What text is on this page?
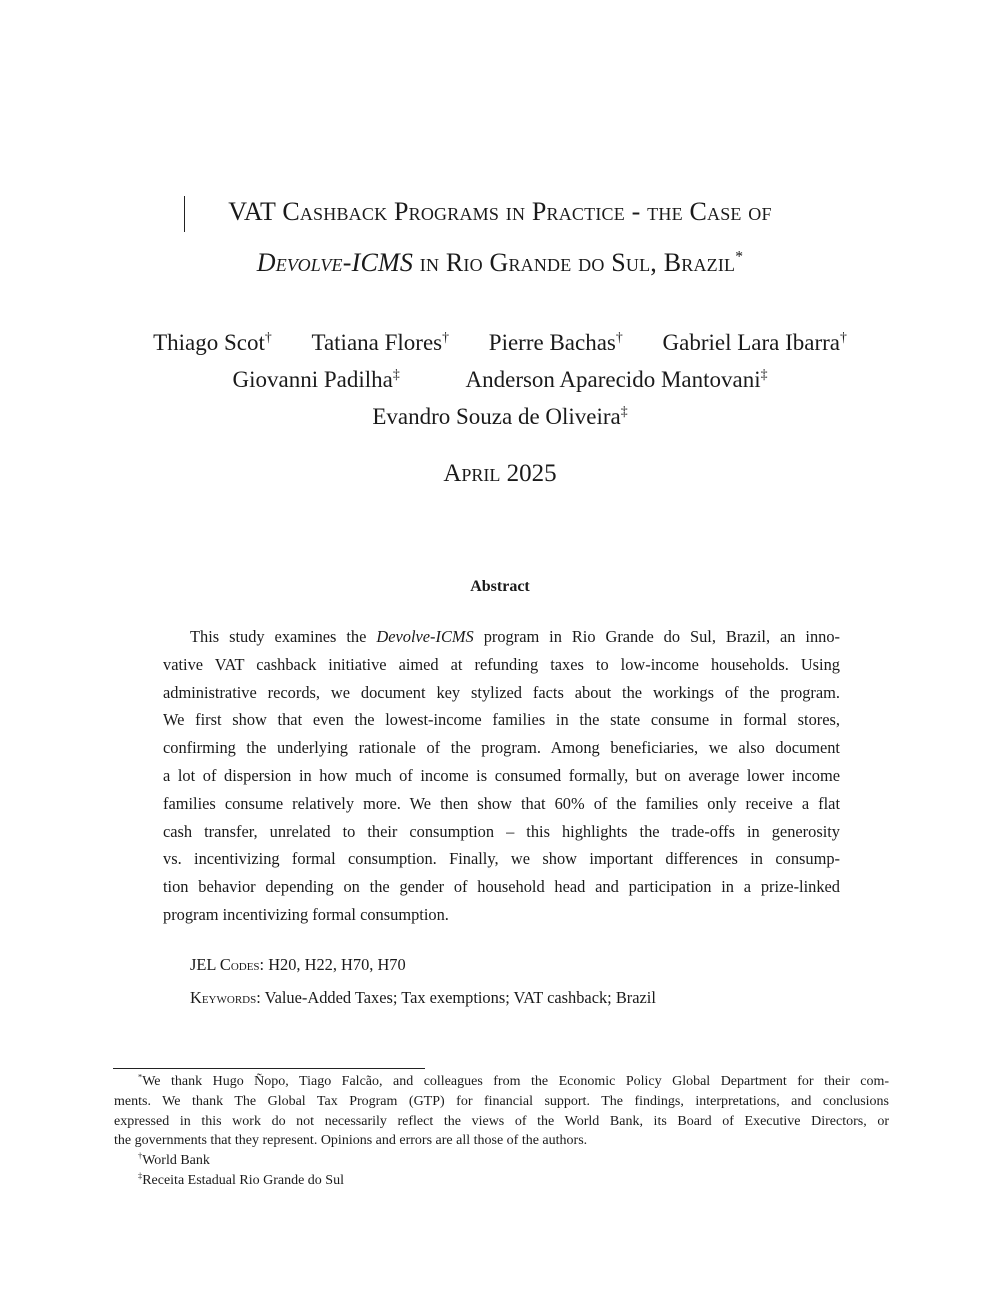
VAT Cashback Programs in Practice - the Case of
Devolve-ICMS in Rio Grande do Sul, Brazil*
Thiago Scot† Tatiana Flores† Pierre Bachas† Gabriel Lara Ibarra†
Giovanni Padilha‡	Anderson Aparecido Mantovani‡
Evandro Souza de Oliveira‡
April 2025
Abstract
This study examines the Devolve-ICMS program in Rio Grande do Sul, Brazil, an inno-
vative VAT cashback initiative aimed at refunding taxes to low-income households. Using
administrative records, we document key stylized facts about the workings of the program.
We first show that even the lowest-income families in the state consume in formal stores,
confirming the underlying rationale of the program. Among beneficiaries, we also document
a lot of dispersion in how much of income is consumed formally, but on average lower income
families consume relatively more. We then show that 60% of the families only receive a flat
cash transfer, unrelated to their consumption – this highlights the trade-offs in generosity
vs. incentivizing formal consumption. Finally, we show important differences in consump-
tion behavior depending on the gender of household head and participation in a prize-linked
program incentivizing formal consumption.
JEL Codes: H20, H22, H70, H70
Keywords: Value-Added Taxes; Tax exemptions; VAT cashback; Brazil
*We thank Hugo Ñopo, Tiago Falcão, and colleagues from the Economic Policy Global Department for their com-
ments. We thank The Global Tax Program (GTP) for financial support. The findings, interpretations, and conclusions
expressed in this work do not necessarily reflect the views of the World Bank, its Board of Executive Directors, or
the governments that they represent. Opinions and errors are all those of the authors.
†World Bank
‡Receita Estadual Rio Grande do Sul
